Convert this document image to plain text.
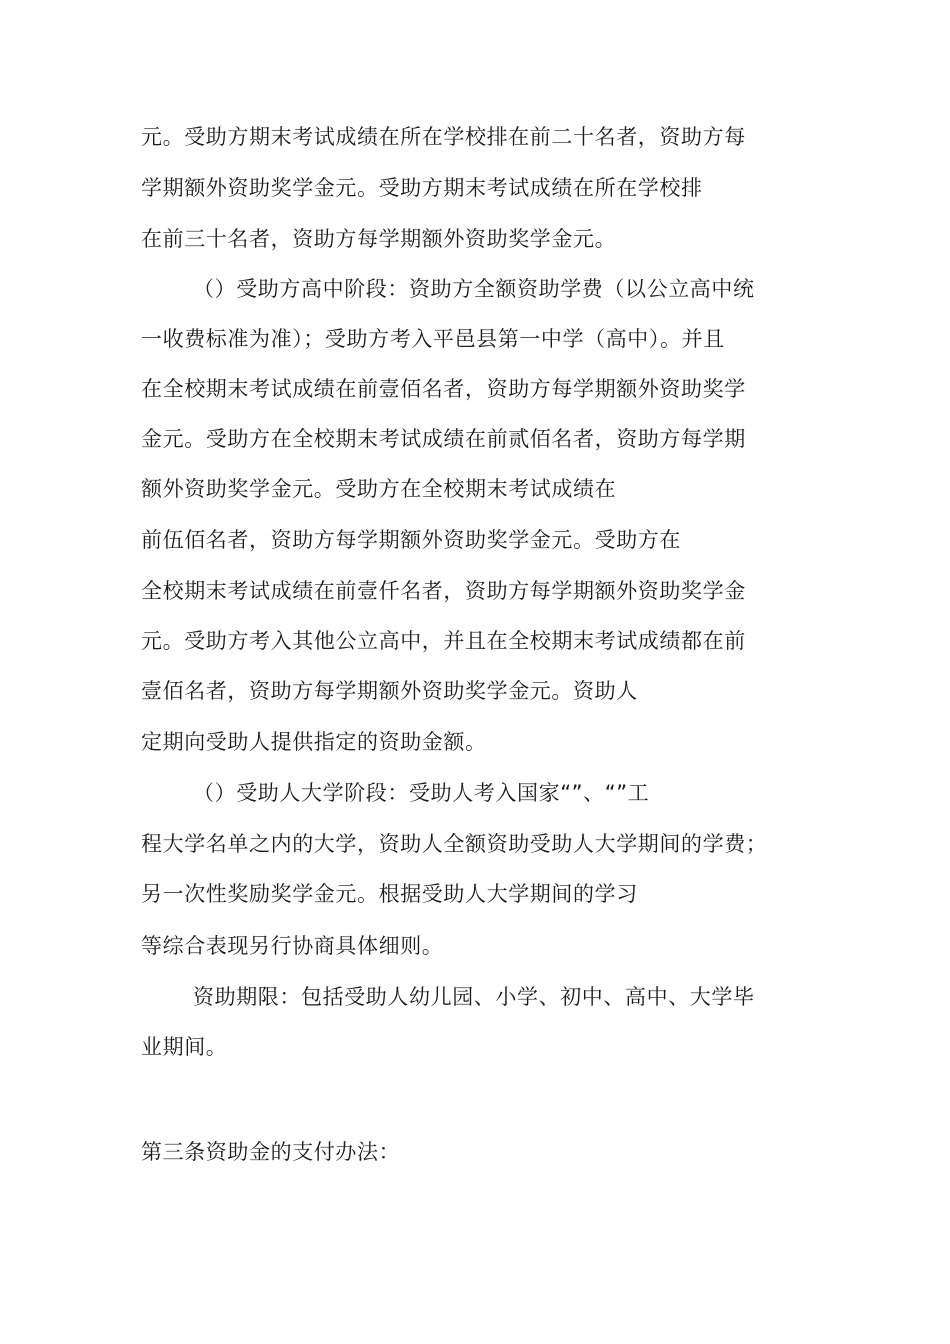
元。受助方期末考试成绩在所在学校排在前二十名者，资助方每
学期额外资助奖学金元。受助方期末考试成绩在所在学校排
在前三十名者，资助方每学期额外资助奖学金元。
（）受助方高中阶段：资助方全额资助学费（以公立高中统
一收费标准为准）；受助方考入平邑县第一中学（高中）。并且
在全校期末考试成绩在前壹佰名者，资助方每学期额外资助奖学
金元。受助方在全校期末考试成绩在前贰佰名者，资助方每学期
额外资助奖学金元。受助方在全校期末考试成绩在
前伍佰名者，资助方每学期额外资助奖学金元。受助方在
全校期末考试成绩在前壹仟名者，资助方每学期额外资助奖学金
元。受助方考入其他公立高中，并且在全校期末考试成绩都在前
壹佰名者，资助方每学期额外资助奖学金元。资助人
定期向受助人提供指定的资助金额。
（）受助人大学阶段：受助人考入国家“”、“”工
程大学名单之内的大学，资助人全额资助受助人大学期间的学费；
另一次性奖励奖学金元。根据受助人大学期间的学习
等综合表现另行协商具体细则。
资助期限：包括受助人幼儿园、小学、初中、高中、大学毕
业期间。
第三条资助金的支付办法：
